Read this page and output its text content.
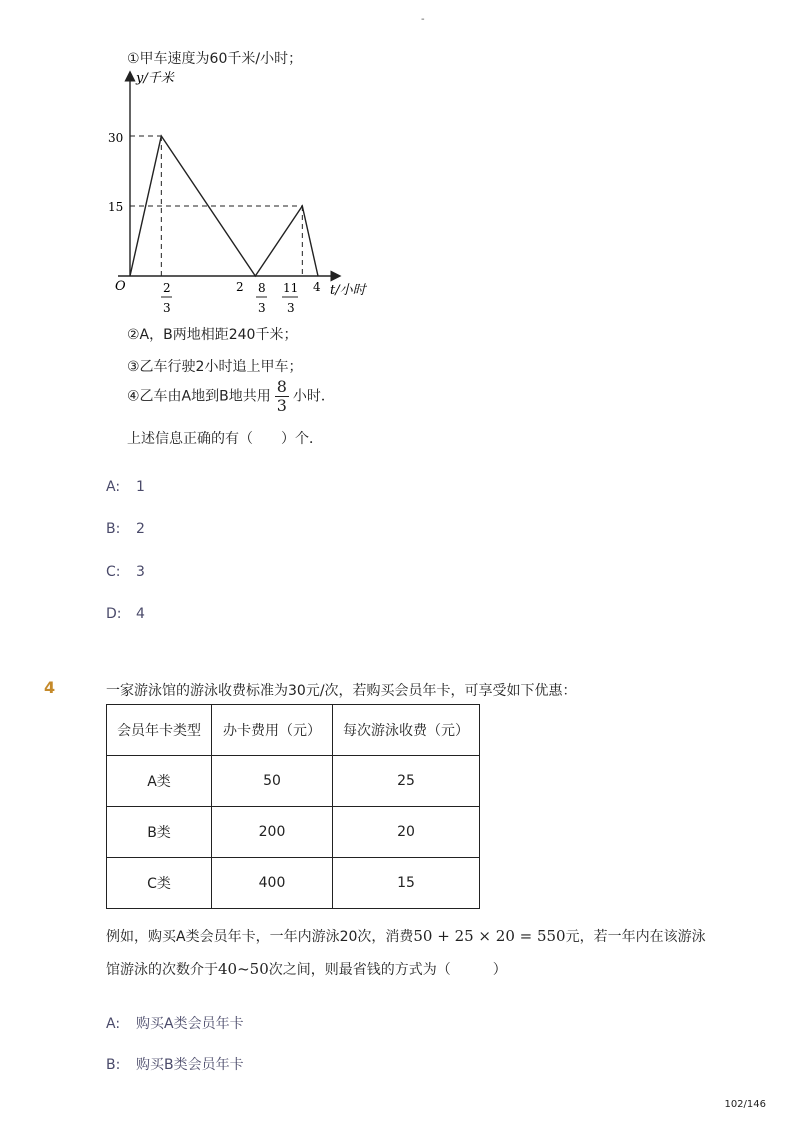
-
①甲车速度为60千米/小时；
y/千米
t/小时
O
30
15
2	4
2
3
8
3
11
3
②A，B两地相距240千米；
③乙车行驶2小时追上甲车；
④乙车由A地到B地共用 $\frac{8}{3}$ 小时．
上述信息正确的有（　　）个．
A: 1
B: 2
C: 3
D: 4
4	一家游泳馆的游泳收费标准为30元/次，若购买会员年卡，可享受如下优惠：
会员年卡类型	办卡费用（元）	每次游泳收费（元）
A类	50	25
B类	200	20
C类	400	15
例如，购买A类会员年卡，一年内游泳20次，消费50 + 25 × 20 = 550元，若一年内在该游泳
馆游泳的次数介于40~50次之间，则最省钱的方式为（　　　）
A: 购买A类会员年卡
B: 购买B类会员年卡
102/146
